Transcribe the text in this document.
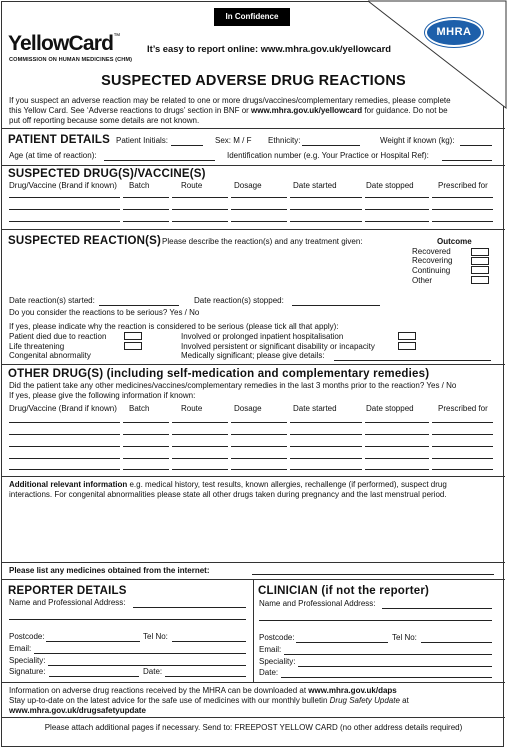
In Confidence
MHRA
YellowCard™
COMMISSION ON HUMAN MEDICINES (CHM)
It’s easy to report online: www.mhra.gov.uk/yellowcard
SUSPECTED ADVERSE DRUG REACTIONS
If you suspect an adverse reaction may be related to one or more drugs/vaccines/complementary remedies, please complete
this Yellow Card. See ‘Adverse reactions to drugs’ section in BNF or www.mhra.gov.uk/yellowcard for guidance. Do not be
put off reporting because some details are not known.
PATIENT DETAILS Patient Initials:	Sex: M / F Ethnicity:	Weight if known (kg):
Age (at time of reaction):	Identification number (e.g. Your Practice or Hospital Ref):
SUSPECTED DRUG(S)/VACCINE(S)
Drug/Vaccine (Brand if known) Batch	Route	Dosage	Date started	Date stopped	Prescribed for
SUSPECTED REACTION(S) Please describe the reaction(s) and any treatment given:	Outcome
Recovered
Recovering
Continuing
Other
Date reaction(s) started:	Date reaction(s) stopped:
Do you consider the reactions to be serious? Yes / No
If yes, please indicate why the reaction is considered to be serious (please tick all that apply):
Patient died due to reaction
Life threatening
Congenital abnormality
Involved or prolonged inpatient hospitalisation
Involved persistent or significant disability or incapacity
Medically significant; please give details:
OTHER DRUG(S) (including self-medication and complementary remedies)
Did the patient take any other medicines/vaccines/complementary remedies in the last 3 months prior to the reaction? Yes / No
If yes, please give the following information if known:
Drug/Vaccine (Brand if known) Batch	Route	Dosage	Date started	Date stopped	Prescribed for
Additional relevant information e.g. medical history, test results, known allergies, rechallenge (if performed), suspect drug
interactions. For congenital abnormalities please state all other drugs taken during pregnancy and the last menstrual period.
Please list any medicines obtained from the internet:
REPORTER DETAILS
Name and Professional Address:
Postcode:	Tel No:
Email:
Speciality:
Signature:	Date:
CLINICIAN (if not the reporter)
Name and Professional Address:
Postcode:	Tel No:
Email:
Speciality:
Date:
Information on adverse drug reactions received by the MHRA can be downloaded at www.mhra.gov.uk/daps
Stay up-to-date on the latest advice for the safe use of medicines with our monthly bulletin Drug Safety Update at
www.mhra.gov.uk/drugsafetyupdate
Please attach additional pages if necessary. Send to: FREEPOST YELLOW CARD (no other address details required)
